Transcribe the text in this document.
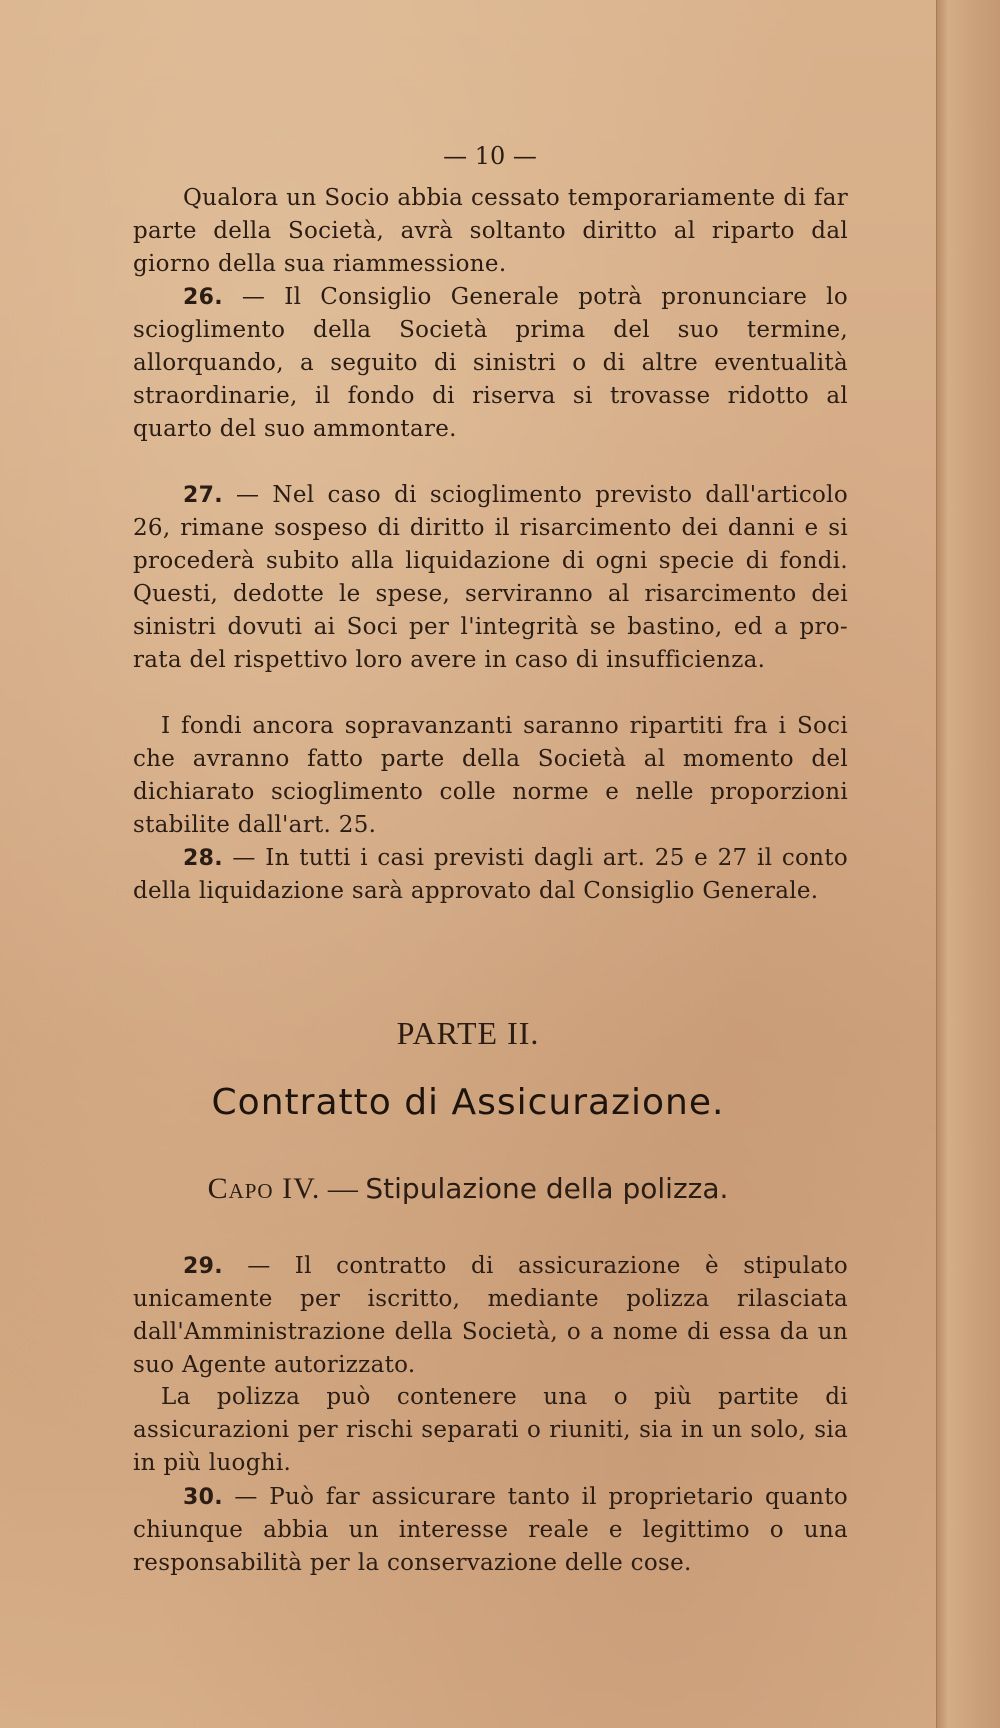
— 10 —

Qualora un Socio abbia cessato temporariamente di far parte della Società, avrà soltanto diritto al riparto dal giorno della sua riammessione.

26. — Il Consiglio Generale potrà pronunciare lo scioglimento della Società prima del suo termine, allorquando, a seguito di sinistri o di altre eventualità straordinarie, il fondo di riserva si trovasse ridotto al quarto del suo ammontare.

27. — Nel caso di scioglimento previsto dall'articolo 26, rimane sospeso di diritto il risarcimento dei danni e si procederà subito alla liquidazione di ogni specie di fondi. Questi, dedotte le spese, serviranno al risarcimento dei sinistri dovuti ai Soci per l'integrità se bastino, ed a pro-rata del rispettivo loro avere in caso di insufficienza.

I fondi ancora sopravanzanti saranno ripartiti fra i Soci che avranno fatto parte della Società al momento del dichiarato scioglimento colle norme e nelle proporzioni stabilite dall'art. 25.

28. — In tutti i casi previsti dagli art. 25 e 27 il conto della liquidazione sarà approvato dal Consiglio Generale.

PARTE II.
Contratto di Assicurazione.
Capo IV. — Stipulazione della polizza.

29. — Il contratto di assicurazione è stipulato unicamente per iscritto, mediante polizza rilasciata dall'Amministrazione della Società, o a nome di essa da un suo Agente autorizzato.

La polizza può contenere una o più partite di assicurazioni per rischi separati o riuniti, sia in un solo, sia in più luoghi.

30. — Può far assicurare tanto il proprietario quanto chiunque abbia un interesse reale e legittimo o una responsabilità per la conservazione delle cose.
